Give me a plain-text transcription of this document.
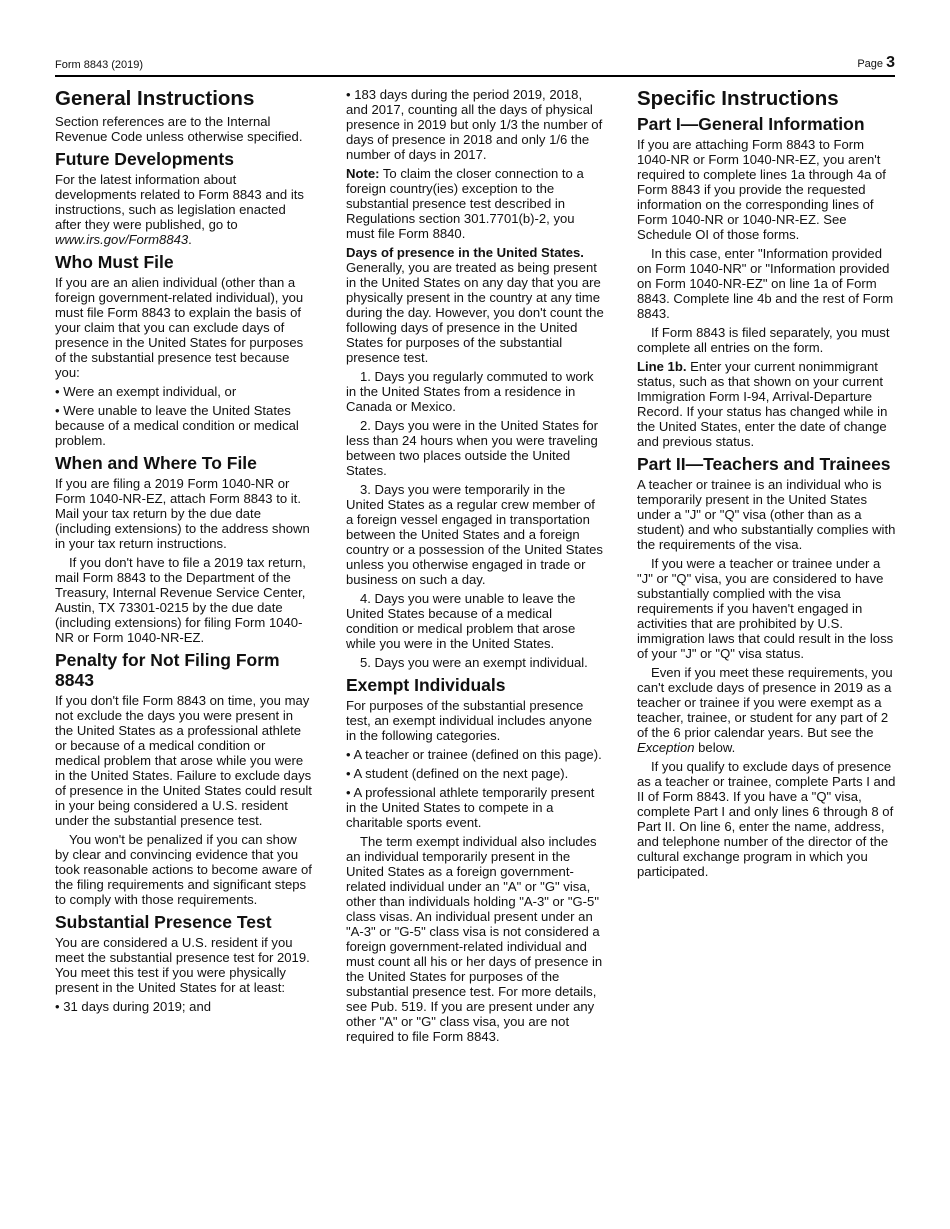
Form 8843 (2019)	Page 3
General Instructions

Section references are to the Internal Revenue Code unless otherwise specified.

Future Developments

For the latest information about developments related to Form 8843 and its instructions, such as legislation enacted after they were published, go to www.irs.gov/Form8843.

Who Must File

If you are an alien individual (other than a foreign government-related individual), you must file Form 8843 to explain the basis of your claim that you can exclude days of presence in the United States for purposes of the substantial presence test because you:

• Were an exempt individual, or

• Were unable to leave the United States because of a medical condition or medical problem.

When and Where To File

If you are filing a 2019 Form 1040-NR or Form 1040-NR-EZ, attach Form 8843 to it. Mail your tax return by the due date (including extensions) to the address shown in your tax return instructions.

If you don't have to file a 2019 tax return, mail Form 8843 to the Department of the Treasury, Internal Revenue Service Center, Austin, TX 73301-0215 by the due date (including extensions) for filing Form 1040-NR or Form 1040-NR-EZ.

Penalty for Not Filing Form 8843

If you don't file Form 8843 on time, you may not exclude the days you were present in the United States as a professional athlete or because of a medical condition or medical problem that arose while you were in the United States. Failure to exclude days of presence in the United States could result in your being considered a U.S. resident under the substantial presence test.

You won't be penalized if you can show by clear and convincing evidence that you took reasonable actions to become aware of the filing requirements and significant steps to comply with those requirements.

Substantial Presence Test

You are considered a U.S. resident if you meet the substantial presence test for 2019. You meet this test if you were physically present in the United States for at least:

• 31 days during 2019; and

• 183 days during the period 2019, 2018, and 2017, counting all the days of physical presence in 2019 but only 1/3 the number of days of presence in 2018 and only 1/6 the number of days in 2017.

Note: To claim the closer connection to a foreign country(ies) exception to the substantial presence test described in Regulations section 301.7701(b)-2, you must file Form 8840.

Days of presence in the United States. Generally, you are treated as being present in the United States on any day that you are physically present in the country at any time during the day. However, you don't count the following days of presence in the United States for purposes of the substantial presence test.

1. Days you regularly commuted to work in the United States from a residence in Canada or Mexico.

2. Days you were in the United States for less than 24 hours when you were traveling between two places outside the United States.

3. Days you were temporarily in the United States as a regular crew member of a foreign vessel engaged in transportation between the United States and a foreign country or a possession of the United States unless you otherwise engaged in trade or business on such a day.

4. Days you were unable to leave the United States because of a medical condition or medical problem that arose while you were in the United States.

5. Days you were an exempt individual.

Exempt Individuals

For purposes of the substantial presence test, an exempt individual includes anyone in the following categories.

• A teacher or trainee (defined on this page).

• A student (defined on the next page).

• A professional athlete temporarily present in the United States to compete in a charitable sports event.

The term exempt individual also includes an individual temporarily present in the United States as a foreign government-related individual under an "A" or "G" visa, other than individuals holding "A-3" or "G-5" class visas. An individual present under an "A-3" or "G-5" class visa is not considered a foreign government-related individual and must count all his or her days of presence in the United States for purposes of the substantial presence test. For more details, see Pub. 519. If you are present under any other "A" or "G" class visa, you are not required to file Form 8843.

Specific Instructions
Part I—General Information

If you are attaching Form 8843 to Form 1040-NR or Form 1040-NR-EZ, you aren't required to complete lines 1a through 4a of Form 8843 if you provide the requested information on the corresponding lines of Form 1040-NR or 1040-NR-EZ. See Schedule OI of those forms.

In this case, enter "Information provided on Form 1040-NR" or "Information provided on Form 1040-NR-EZ" on line 1a of Form 8843. Complete line 4b and the rest of Form 8843.

If Form 8843 is filed separately, you must complete all entries on the form.

Line 1b. Enter your current nonimmigrant status, such as that shown on your current Immigration Form I-94, Arrival-Departure Record. If your status has changed while in the United States, enter the date of change and previous status.

Part II—Teachers and Trainees

A teacher or trainee is an individual who is temporarily present in the United States under a "J" or "Q" visa (other than as a student) and who substantially complies with the requirements of the visa.

If you were a teacher or trainee under a "J" or "Q" visa, you are considered to have substantially complied with the visa requirements if you haven't engaged in activities that are prohibited by U.S. immigration laws that could result in the loss of your "J" or "Q" visa status.

Even if you meet these requirements, you can't exclude days of presence in 2019 as a teacher or trainee if you were exempt as a teacher, trainee, or student for any part of 2 of the 6 prior calendar years. But see the Exception below.

If you qualify to exclude days of presence as a teacher or trainee, complete Parts I and II of Form 8843. If you have a "Q" visa, complete Part I and only lines 6 through 8 of Part II. On line 6, enter the name, address, and telephone number of the director of the cultural exchange program in which you participated.
